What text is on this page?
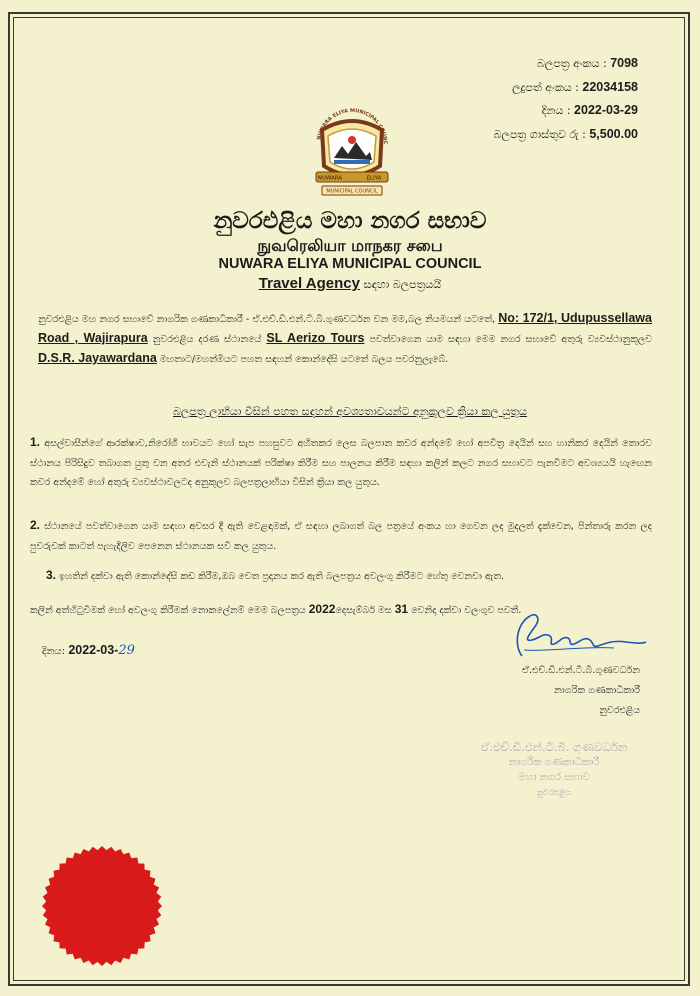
බලපත්‍ර අංකය : 7098
ලදුපත් අංකය : 22034158
දිනය : 2022-03-29
බලපත්‍ර ගාස්තුව රු : 5,500.00
NUWARA ELIYA MUNICIPAL COUNC
NUWARA	ELIYA
MUNICIPAL COUNCIL
නුවරඑළිය මහා නගර සභාව
நுவரெலியா மாநகர சபை
NUWARA ELIYA MUNICIPAL COUNCIL
Travel Agency සඳහා බලපත්‍රයයි
නුවරඑළිය මහ නගර සභාවේ නාගරික ගණකාධිකාරී - ඒ.එච්.ඩී.එන්.ටී.බී.ගුණවර්ධන වන මම,බල නියමයන් යටතේ, No: 172/1, Udupussellawa Road , Wajirapura නුවරඑළිය දරණ ස්ථානයේ SL Aerizo Tours පවත්වාගෙන යාම සඳහා මෙම නගර සභාවේ අතුරු ව්‍යවස්ථානුකූලව D.S.R. Jayawardana මහතාට/මහත්මියට පහත සඳහන් කොන්දේසි යටතේ බලය පවරනුලැබේ.
බලපත්‍ර ලාභියා විසින් පහත සඳහන් අවශ්‍යතාවයන්ට අනුකූලව ක්‍රියා කල යුතුය
1. අසල්වාසීන්ගේ ආරක්ෂාව,නිරෝගී භාවයට හෝ සැප පහසුවට අහිතකර ලෙස බලපාන කවර අන්දමේ හෝ අපවිත්‍ර දෙයින් සහ හානිකර දෙයින් තොරව ස්ථානය පිරිසිදුව තබාගත යුතු වන අතර එවැනි ස්ථානයක් පරික්ෂා කිරීම සහ පාලනය කිරීම සඳහා කලින් කලට නගර සභාවට පැනවීමට අවශ්‍යයයි හැඟෙන කවර අන්දමේ හෝ අතුරු ව්‍යවස්ථාවලටද අනුකූලව බලපත්‍රලාභියා විසින් ක්‍රියා කල යුතුය.
2. ස්ථානයේ පවත්වාගෙන යාම සඳහා අවසර දී ඇති වෙළඳාමක්, ඒ සඳහා ලබාගත් බල පත්‍රයේ අංකය හා ගෙවන ලද මුදලත් දැක්වෙන, පින්තාරු කරන ලද පුවරුවක් කාටත් පැහැදිලිව පෙනෙන ස්ථානයක සවි කල යුතුය.
3. ඉහතින් දක්වා ඇති කොන්දේසි කඩ කිරීම,ඔබ වෙත ප්‍රදානය කර ඇති බලපත්‍රය අවලංගු කිරීමට හේතු වෙනවා ඇත.
කලින් අත්හිටුවීමක් හෝ අවලංගු කිරීමක් නොකලේනම් මෙම බලපත්‍රය 2022දෙසැම්බර් මස 31 වෙනිදා දක්වා වලංගුව පවතී.
දිනය: 2022-03-29
ඒ.එච්.ඩී.එන්.ටී.බී.ගුණවර්ධන
නාගරික ගණකාධිකාරී
නුවරඑළිය
ඒ.එච්.ඩී.එන්.ටී.බී. ගුණවර්ධන
නාගරික ගණකාධිකාරී
මහා නගර සභාව
නුවරඑළිය
